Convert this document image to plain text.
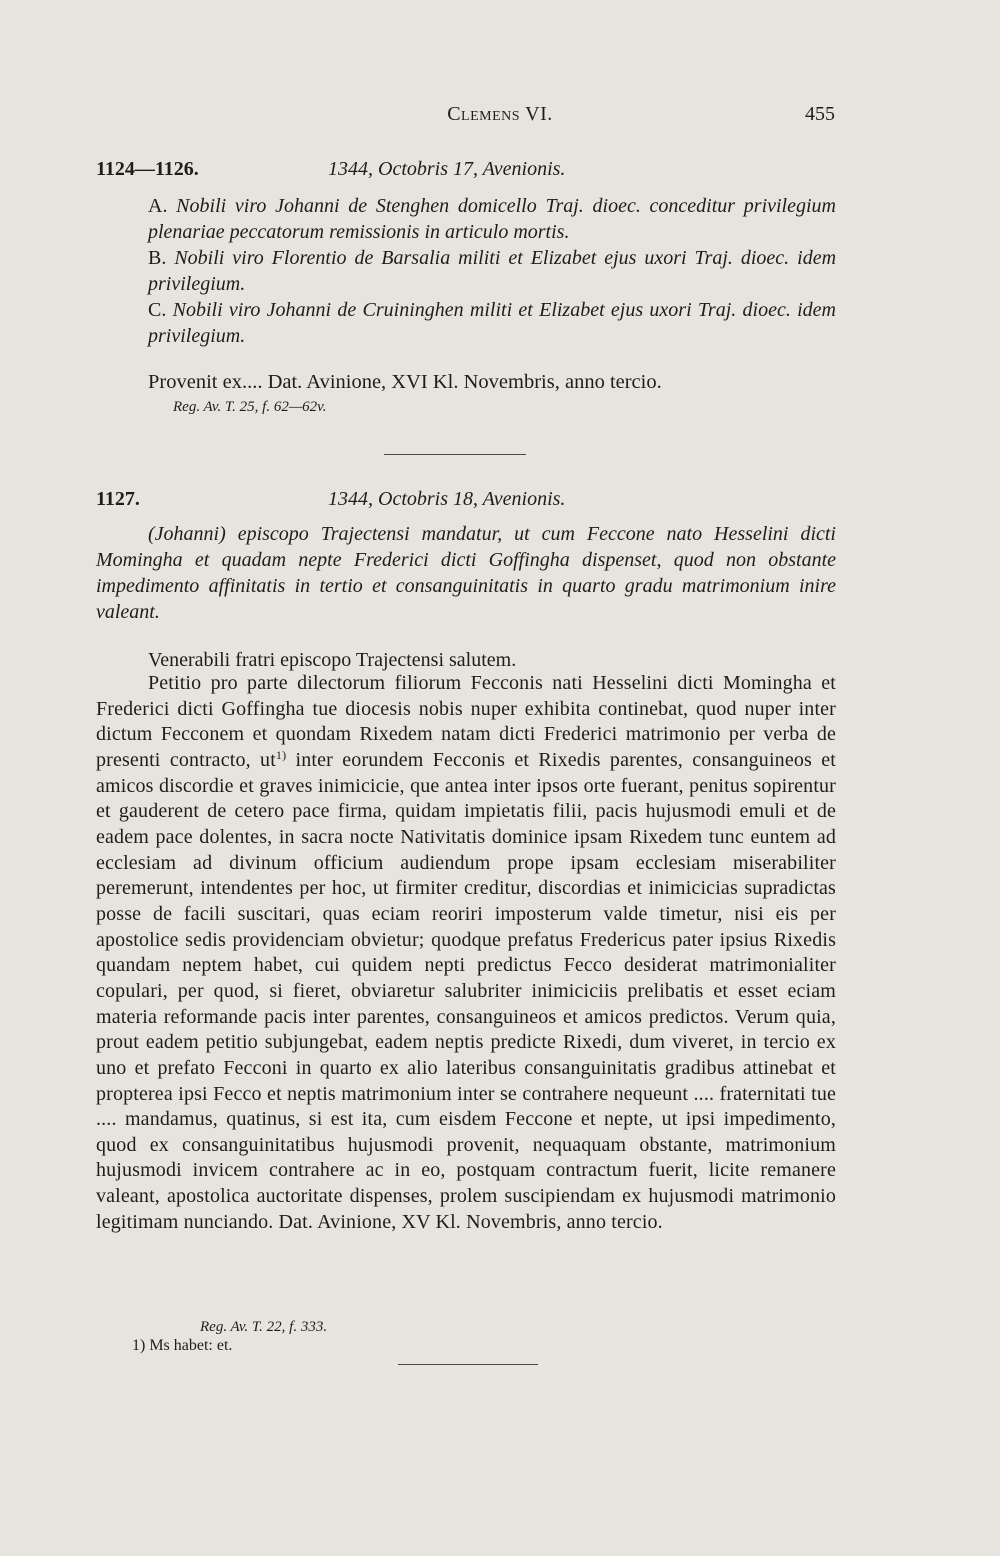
Clemens VI.	455
1124—1126.	1344, Octobris 17, Avenionis.

A. Nobili viro Johanni de Stenghen domicello Traj. dioec. conceditur privilegium plenariae peccatorum remissionis in articulo mortis.

B. Nobili viro Florentio de Barsalia militi et Elizabet ejus uxori Traj. dioec. idem privilegium.

C. Nobili viro Johanni de Cruininghen militi et Elizabet ejus uxori Traj. dioec. idem privilegium.

Provenit ex.... Dat. Avinione, XVI Kl. Novembris, anno tercio.
Reg. Av. T. 25, f. 62—62v.
1127.	1344, Octobris 18, Avenionis.

(Johanni) episcopo Trajectensi mandatur, ut cum Feccone nato Hesselini dicti Momingha et quadam nepte Frederici dicti Goffingha dispenset, quod non obstante impedimento affinitatis in tertio et consanguinitatis in quarto gradu matrimonium inire valeant.

Venerabili fratri episcopo Trajectensi salutem.

Petitio pro parte dilectorum filiorum Fecconis nati Hesselini dicti Momingha et Frederici dicti Goffingha tue diocesis nobis nuper exhibita continebat, quod nuper inter dictum Fecconem et quondam Rixedem natam dicti Frederici matrimonio per verba de presenti contracto, $ut^{1)}$ inter eorundem Fecconis et Rixedis parentes, consanguineos et amicos discordie et graves inimicicie, que antea inter ipsos orte fuerant, penitus sopirentur et gauderent de cetero pace firma, quidam impietatis filii, pacis hujusmodi emuli et de eadem pace dolentes, in sacra nocte Nativitatis dominice ipsam Rixedem tunc euntem ad ecclesiam ad divinum officium audiendum prope ipsam ecclesiam miserabiliter peremerunt, intendentes per hoc, ut firmiter creditur, discordias et inimicicias supradictas posse de facili suscitari, quas eciam reoriri imposterum valde timetur, nisi eis per apostolice sedis providenciam obvietur; quodque prefatus Fredericus pater ipsius Rixedis quandam neptem habet, cui quidem nepti predictus Fecco desiderat matrimonialiter copulari, per quod, si fieret, obviaretur salubriter inimiciciis prelibatis et esset eciam materia reformande pacis inter parentes, consanguineos et amicos predictos. Verum quia, prout eadem petitio subjungebat, eadem neptis predicte Rixedi, dum viveret, in tercio ex uno et prefato Fecconi in quarto ex alio lateribus consanguinitatis gradibus attinebat et propterea ipsi Fecco et neptis matrimonium inter se contrahere nequeunt .... fraternitati tue .... mandamus, quatinus, si est ita, cum eisdem Feccone et nepte, ut ipsi impedimento, quod ex consanguinitatibus hujusmodi provenit, nequaquam obstante, matrimonium hujusmodi invicem contrahere ac in eo, postquam contractum fuerit, licite remanere valeant, apostolica auctoritate dispenses, prolem suscipiendam ex hujusmodi matrimonio legitimam nunciando. Dat. Avinione, XV Kl. Novembris, anno tercio.

Reg. Av. T. 22, f. 333.
1) Ms habet: et.
